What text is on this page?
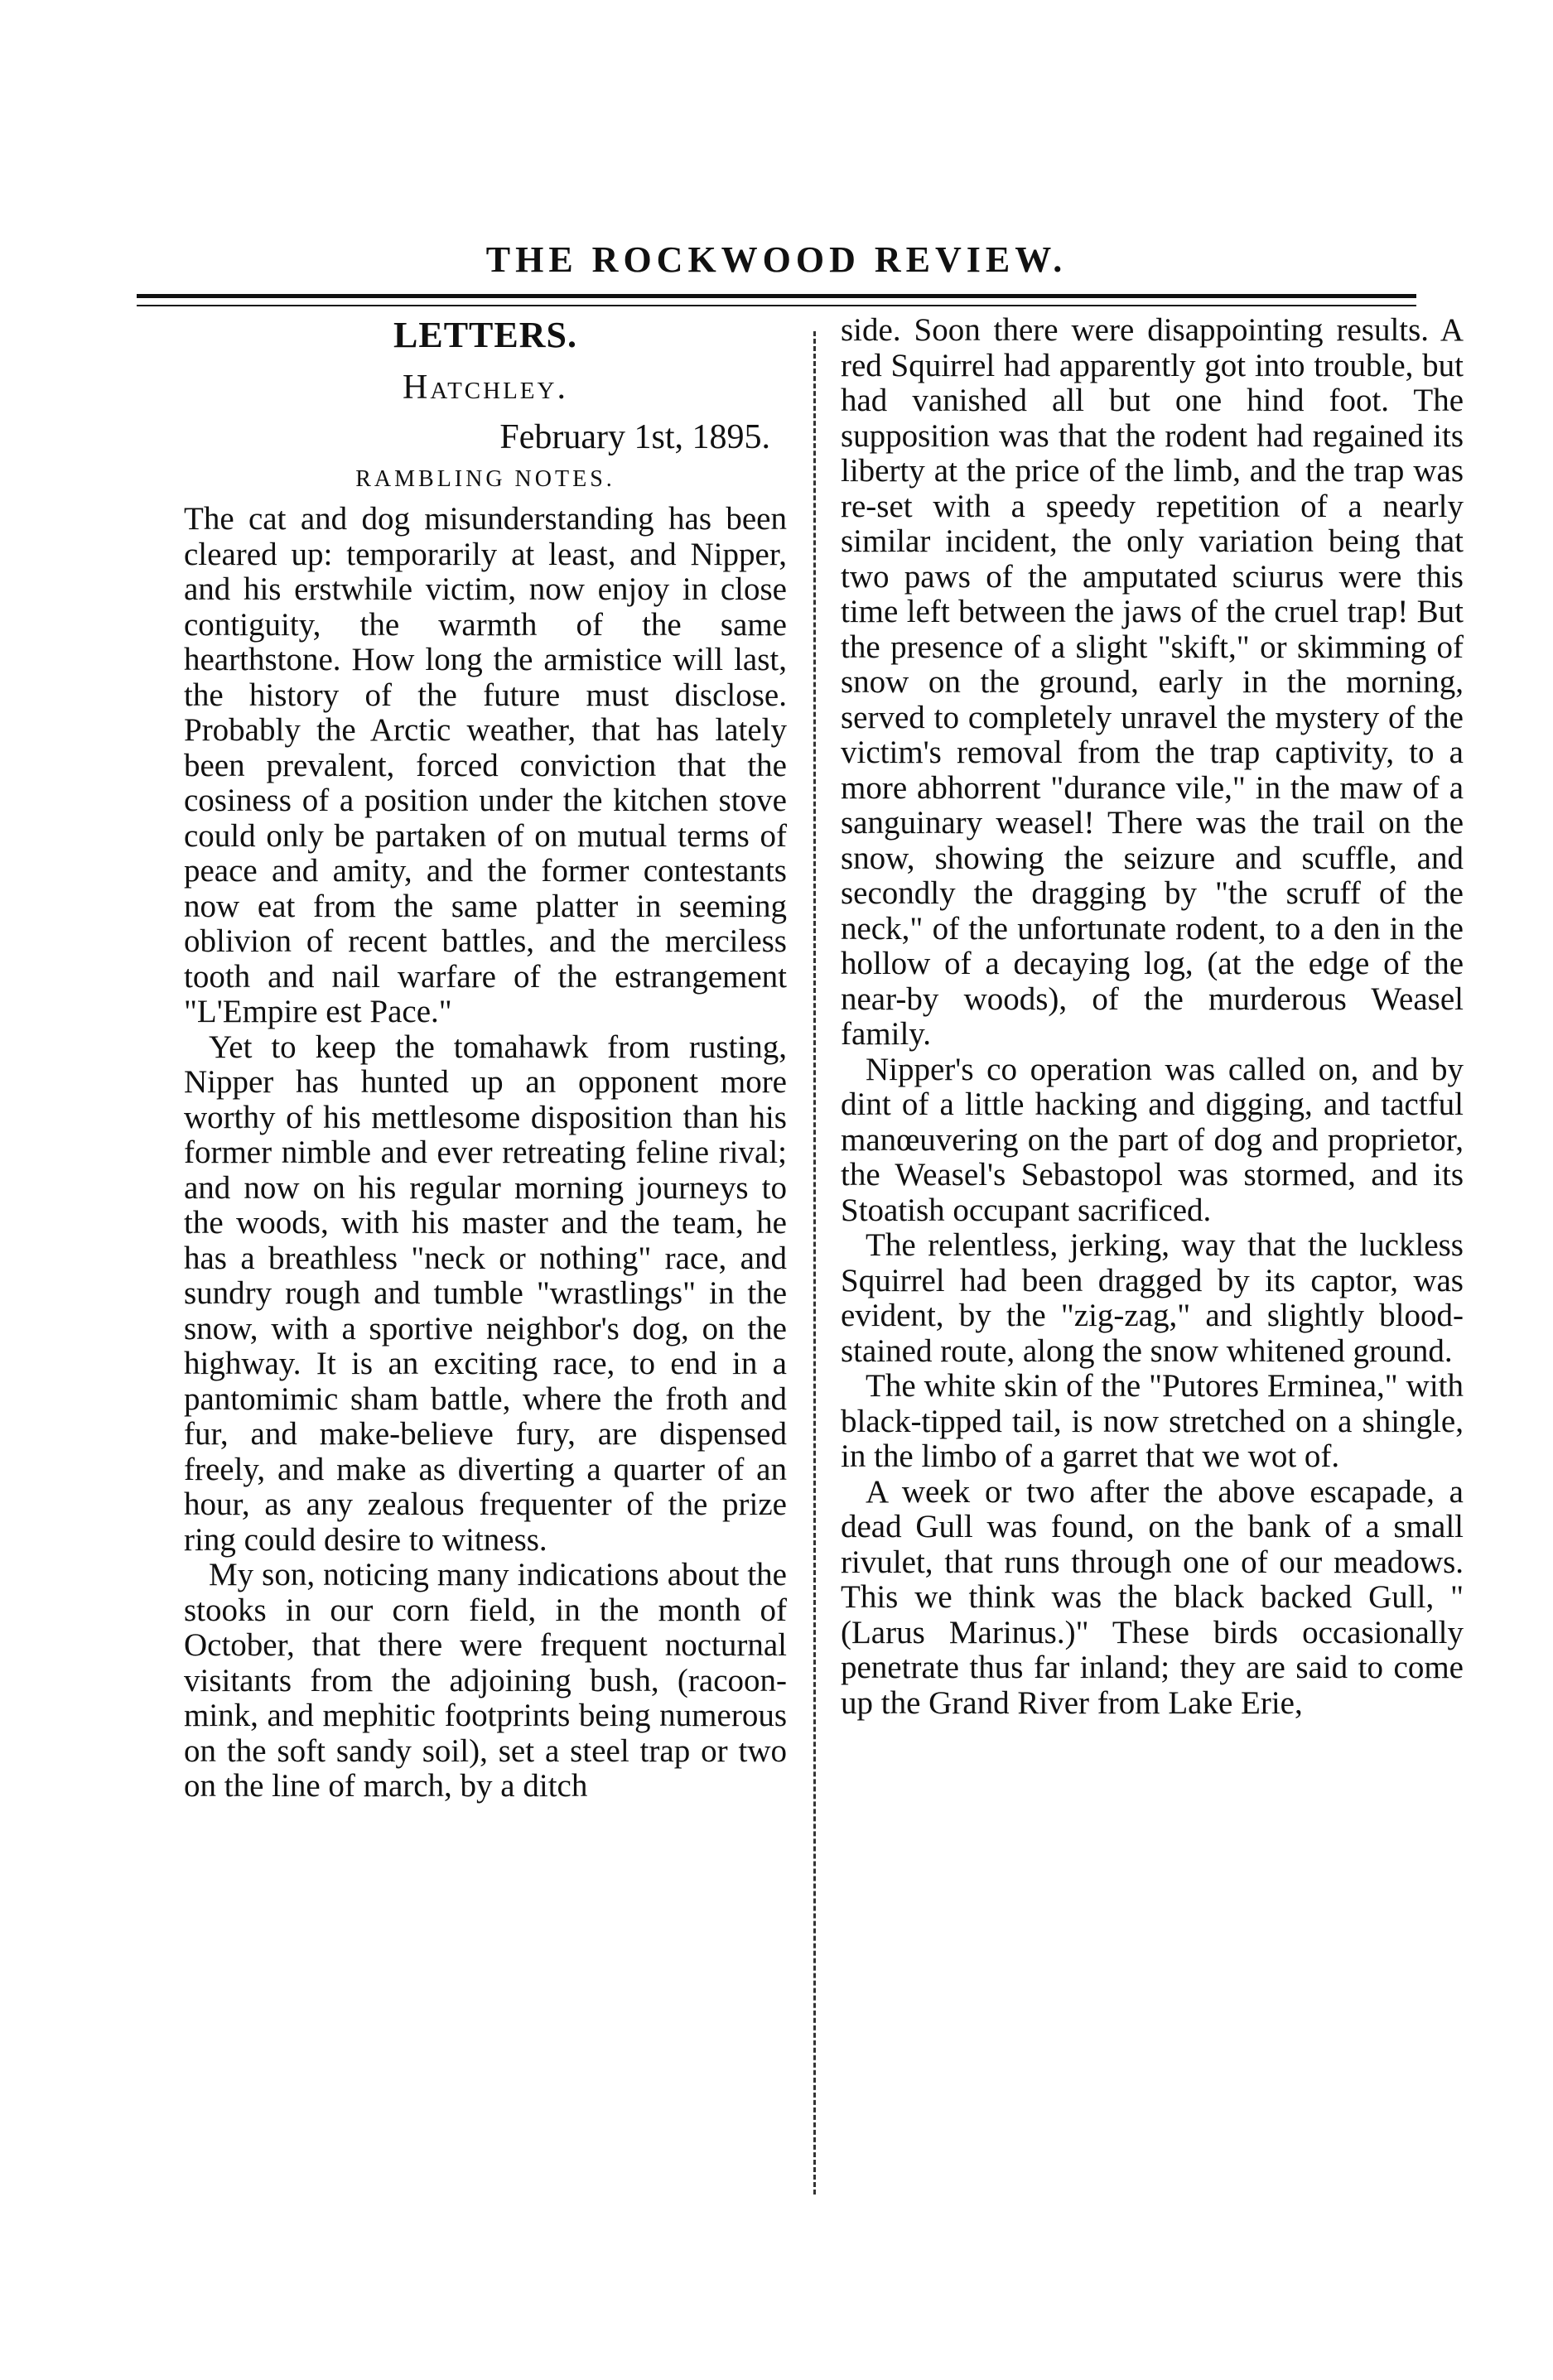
THE ROCKWOOD REVIEW.
LETTERS.
Hatchley.
February 1st, 1895.
RAMBLING NOTES.

The cat and dog misunderstanding has been cleared up: temporarily at least, and Nipper, and his erstwhile victim, now enjoy in close contiguity, the warmth of the same hearthstone. How long the armistice will last, the history of the future must disclose. Probably the Arctic weather, that has lately been prevalent, forced conviction that the cosiness of a position under the kitchen stove could only be partaken of on mutual terms of peace and amity, and the former contestants now eat from the same platter in seeming oblivion of recent battles, and the merciless tooth and nail warfare of the estrangement "L'Empire est Pace."

Yet to keep the tomahawk from rusting, Nipper has hunted up an opponent more worthy of his mettlesome disposition than his former nimble and ever retreating feline rival; and now on his regular morning journeys to the woods, with his master and the team, he has a breathless "neck or nothing" race, and sundry rough and tumble "wrastlings" in the snow, with a sportive neighbor's dog, on the highway. It is an exciting race, to end in a pantomimic sham battle, where the froth and fur, and make-believe fury, are dispensed freely, and make as diverting a quarter of an hour, as any zealous frequenter of the prize ring could desire to witness.

My son, noticing many indications about the stooks in our corn field, in the month of October, that there were frequent nocturnal visitants from the adjoining bush, (racoon-mink, and mephitic footprints being numerous on the soft sandy soil), set a steel trap or two on the line of march, by a ditch

side. Soon there were disappointing results. A red Squirrel had apparently got into trouble, but had vanished all but one hind foot. The supposition was that the rodent had regained its liberty at the price of the limb, and the trap was re-set with a speedy repetition of a nearly similar incident, the only variation being that two paws of the amputated sciurus were this time left between the jaws of the cruel trap! But the presence of a slight "skift," or skimming of snow on the ground, early in the morning, served to completely unravel the mystery of the victim's removal from the trap captivity, to a more abhorrent "durance vile," in the maw of a sanguinary weasel! There was the trail on the snow, showing the seizure and scuffle, and secondly the dragging by "the scruff of the neck," of the unfortunate rodent, to a den in the hollow of a decaying log, (at the edge of the near-by woods), of the murderous Weasel family.

Nipper's co operation was called on, and by dint of a little hacking and digging, and tactful manœuvering on the part of dog and proprietor, the Weasel's Sebastopol was stormed, and its Stoatish occupant sacrificed.

The relentless, jerking, way that the luckless Squirrel had been dragged by its captor, was evident, by the "zig-zag," and slightly blood-stained route, along the snow whitened ground.

The white skin of the "Putores Erminea," with black-tipped tail, is now stretched on a shingle, in the limbo of a garret that we wot of.

A week or two after the above escapade, a dead Gull was found, on the bank of a small rivulet, that runs through one of our meadows. This we think was the black backed Gull, "(Larus Marinus.)" These birds occasionally penetrate thus far inland; they are said to come up the Grand River from Lake Erie,
